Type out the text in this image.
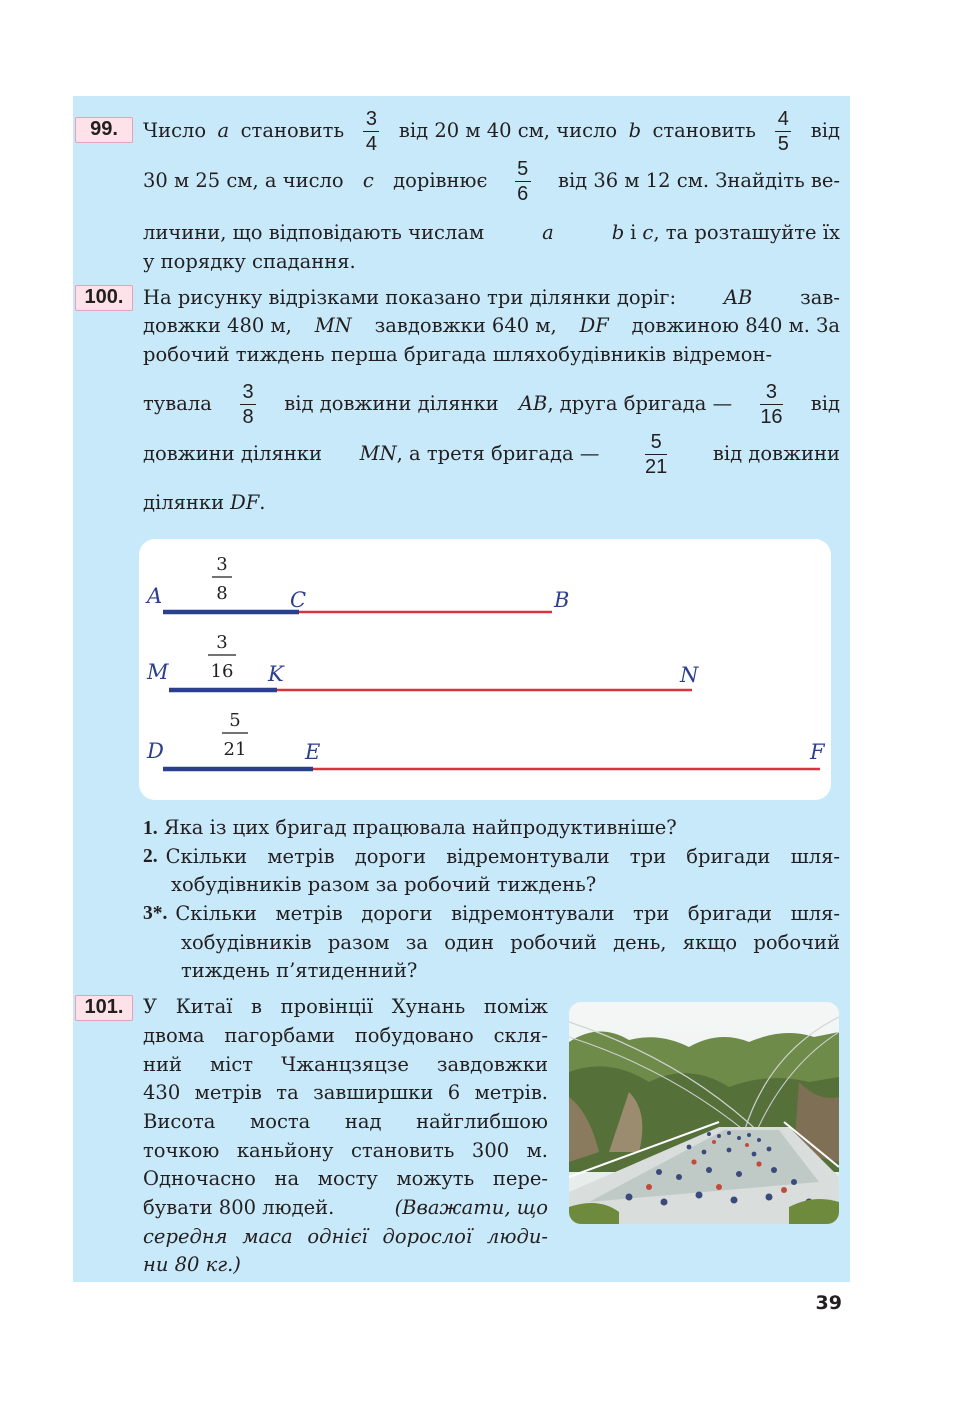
99.	Число a становить $\frac{3}{4}$ від 20 м 40 см, число b становить $\frac{4}{5}$ від
30 м 25 см, а число c дорівнює $\frac{5}{6}$ від 36 м 12 см. Знайдіть ве-
личини, що відповідають числам	a	b і c , та розташуйте їх
у порядку спадання.
100.	На рисунку відрізками показано три ділянки доріг: AB зав-
довжки 480 м, MN завдовжки 640 м, DF довжиною 840 м. За
робочий тиждень перша бригада шляхобудівників відремон-
тувала $\frac{3}{8}$ від довжини ділянки AB , друга бригада — $\frac{3}{16}$ від
довжини ділянки MN , а третя бригада — $\frac{5}{21}$ від довжини
ділянки DF .
A	C	B
3
8
M	K	N
3
16
D	E	F
5
21
1. Яка із цих бригад працювала найпродуктивніше?
2. Скільки метрів дороги відремонтували три бригади шля-
хобудівників разом за робочий тиждень?
3*. Скільки метрів дороги відремонтували три бригади шля-
хобудівників разом за один робочий день, якщо робочий
тиждень п’ятиденний?
101.	У Китаї в провінції Хунань поміж
двома пагорбами побудовано скля-
ний міст Чжанцзяцзе завдовжки
430 метрів та завширшки 6 метрів.
Висота моста над найглибшою
точкою каньйону становить 300 м.
Одночасно на мосту можуть пере-
бувати 800 людей.	(Вважати, що
середня маса однієї дорослої люди-
ни 80 кг.)
39
